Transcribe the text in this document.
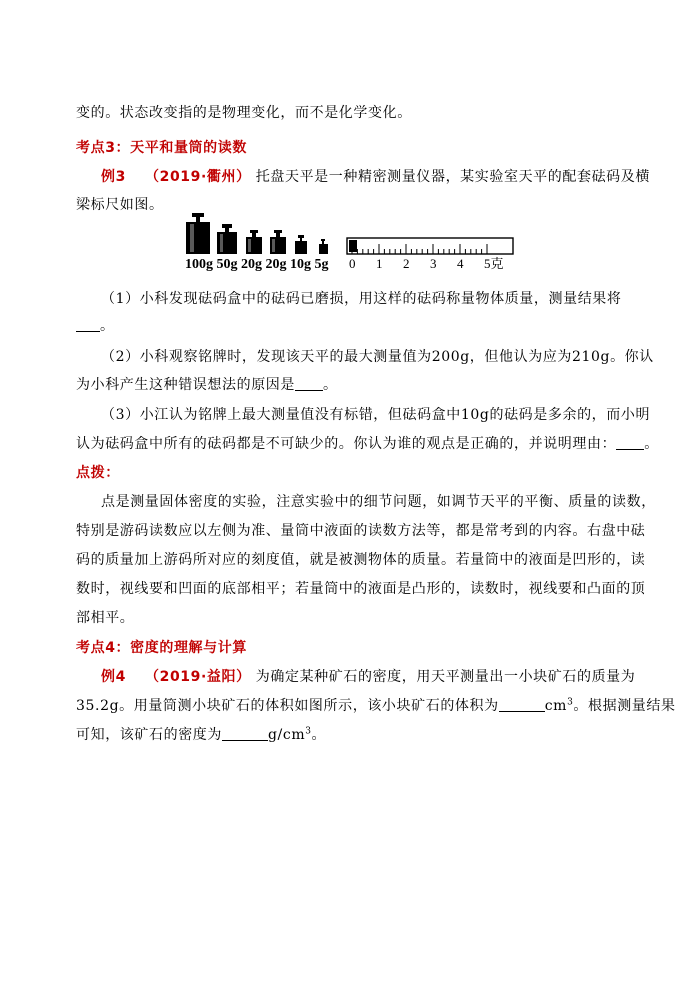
变的。状态改变指的是物理变化，而不是化学变化。
考点3：天平和量筒的读数
例3 （2019·衢州） 托盘天平是一种精密测量仪器，某实验室天平的配套砝码及横
梁标尺如图。
100g 50g 20g 20g 10g 5g 0 1 2 3 4 5克
（1）小科发现砝码盒中的砝码已磨损，用这样的砝码称量物体质量，测量结果将
。
（2）小科观察铭牌时，发现该天平的最大测量值为200g，但他认为应为210g。你认
为小科产生这种错误想法的原因是 。
（3）小江认为铭牌上最大测量值没有标错，但砝码盒中10g的砝码是多余的，而小明
认为砝码盒中所有的砝码都是不可缺少的。你认为谁的观点是正确的，并说明理由： 。
点拨：
点是测量固体密度的实验，注意实验中的细节问题，如调节天平的平衡、质量的读数，
特别是游码读数应以左侧为准、量筒中液面的读数方法等，都是常考到的内容。右盘中砝
码的质量加上游码所对应的刻度值，就是被测物体的质量。若量筒中的液面是凹形的，读
数时，视线要和凹面的底部相平；若量筒中的液面是凸形的，读数时，视线要和凸面的顶
部相平。
考点4：密度的理解与计算
例4 （2019·益阳） 为确定某种矿石的密度，用天平测量出一小块矿石的质量为
35.2g。用量筒测小块矿石的体积如图所示，该小块矿石的体积为	$cm^3$。根据测量结果
可知，该矿石的密度为	$g/cm^3$。
